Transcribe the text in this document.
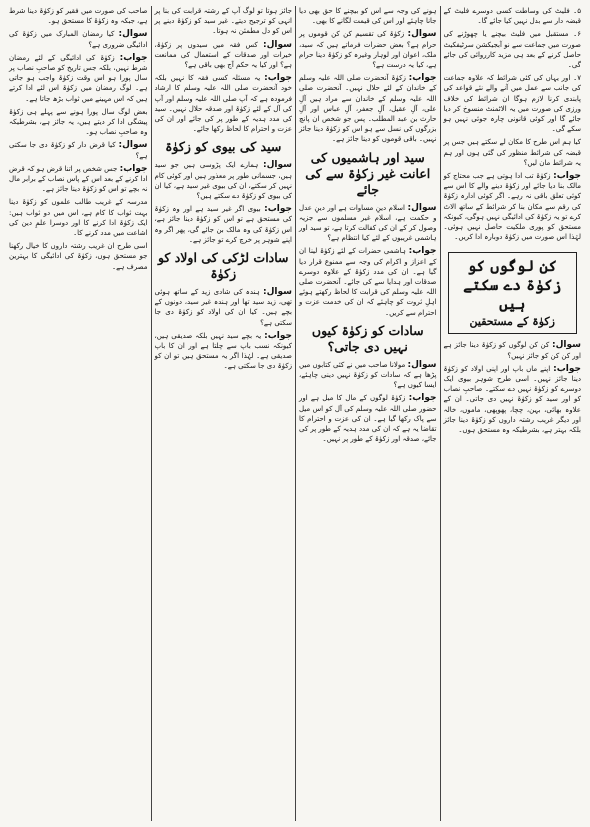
۵۔ فلیٹ کی وساطت کسی دوسرے فلیٹ کے قبضہ دار سے بدل نہیں کیا جائے گا۔

۶۔ مستقبل میں فلیٹ بیچنے یا چھوڑنے کی صورت میں جماعت سے نو آبجیکشن سرٹیفکیٹ حاصل کرنے کے بعد ہی مزید کارروائی کی جائے گی۔

۷۔ اور یہاں کی کئی شرائط کہ علاوہ جماعت کی جانب سے عمل میں آنے والے نئے قواعد کی پابندی کرنا لازم ہوگا ان شرائط کی خلاف ورزی کی صورت میں یہ الاٹمنٹ منسوخ کر دیا جائے گا اور کوئی قانونی چارہ جوئی نہیں ہو سکے گی۔

کیا ہم اس طرح کا مکان لے سکتے ہیں جس پر قبضہ کی شرائط منظور کی گئی ہوں اور ہم یہ شرائط مان لیں؟

جواب: زکوٰۃ تب ادا ہوتی ہے جب محتاج کو مالک بنا دیا جائے اور زکوٰۃ دینے والے کا اس سے کوئی تعلق باقی نہ رہے۔ اگر کوئی ادارہ زکوٰۃ کی رقم سے مکان بنا کر شرائط کے ساتھ الاٹ کرے تو یہ زکوٰۃ کی ادائیگی نہیں ہوگی، کیونکہ مستحق کو پوری ملکیت حاصل نہیں ہوئی۔ لہٰذا اس صورت میں زکوٰۃ دوبارہ ادا کریں۔

کن لوگوں کو زکوٰۃ دے سکتے ہیں
زکوٰۃ کے مستحقین

سوال: کن کن لوگوں کو زکوٰۃ دینا جائز ہے اور کن کن کو جائز نہیں؟

جواب: اپنے ماں باپ اور اپنی اولاد کو زکوٰۃ دینا جائز نہیں۔ اسی طرح شوہر بیوی ایک دوسرے کو زکوٰۃ نہیں دے سکتے۔ صاحبِ نصاب کو اور سید کو زکوٰۃ نہیں دی جاتی۔ ان کے علاوہ بھائی، بہن، چچا، پھوپھی، ماموں، خالہ اور دیگر غریب رشتہ داروں کو زکوٰۃ دینا جائز بلکہ بہتر ہے، بشرطیکہ وہ مستحق ہوں۔

ہونے کی وجہ سے اس کو بیچنے کا حق بھی دیا جانا چاہئے اور اس کی قیمت لگانے کا بھی۔

سوال: زکوٰۃ کی تقسیم کن کن قوموں پر حرام ہے؟ بعض حضرات فرماتے ہیں کہ سید، ملک، اعوان اور لوہار وغیرہ کو زکوٰۃ دینا حرام ہے، کیا یہ درست ہے؟

جواب: زکوٰۃ آنحضرت صلی اللہ علیہ وسلم کے خاندان کے لئے حلال نہیں۔ آنحضرت صلی اللہ علیہ وسلم کے خاندان سے مراد ہیں آلِ علی، آلِ عقیل، آلِ جعفر، آلِ عباس اور آلِ حارث بن عبد المطلب۔ پس جو شخص ان پانچ بزرگوں کی نسل سے ہو اس کو زکوٰۃ دینا جائز نہیں۔ باقی قوموں کو دینا جائز ہے۔

سید اور ہاشمیوں کی اعانت غیر زکوٰۃ سے کی جائے

سوال: اسلام دینِ مساوات ہے اور دینِ عدل و حکمت ہے، اسلام غیر مسلموں سے جزیہ وصول کر کے ان کی کفالت کرتا ہے، تو سید اور ہاشمی غریبوں کے لئے کیا انتظام ہے؟

جواب: ہاشمی حضرات کے لئے زکوٰۃ لینا ان کے اعزاز و اکرام کی وجہ سے ممنوع قرار دیا گیا ہے۔ ان کی مدد زکوٰۃ کے علاوہ دوسرے صدقات اور ہدایا سے کی جائے۔ آنحضرت صلی اللہ علیہ وسلم کی قرابت کا لحاظ رکھتے ہوئے اہلِ ثروت کو چاہئے کہ ان کی خدمت عزت و احترام سے کریں۔

سادات کو زکوٰۃ کیوں نہیں دی جاتی؟

سوال: مولانا صاحب میں نے کئی کتابوں میں پڑھا ہے کہ سادات کو زکوٰۃ نہیں دینی چاہئے، ایسا کیوں ہے؟

جواب: زکوٰۃ لوگوں کے مال کا میل ہے اور حضور صلی اللہ علیہ وسلم کی آل کو اس میل سے پاک رکھا گیا ہے۔ ان کی عزت و احترام کا تقاضا یہ ہے کہ ان کی مدد ہدیہ کے طور پر کی جائے، صدقہ اور زکوٰۃ کے طور پر نہیں۔

جائز ہوتا تو لوگ آپ کے رشتہ قرابت کی بنا پر انہی کو ترجیح دیتے۔ غیر سید کو زکوٰۃ دینے پر اس کو دل مطمئن نہ ہوتا۔

سوال: کس فقہ میں سیدوں پر زکوٰۃ، خیرات اور صدقات کے استعمال کی ممانعت ہے؟ اور کیا یہ حکم آج بھی باقی ہے؟

جواب: یہ مسئلہ کسی فقہ کا نہیں بلکہ خود آنحضرت صلی اللہ علیہ وسلم کا ارشاد فرمودہ ہے کہ آپ صلی اللہ علیہ وسلم اور آپ کی آل کے لئے زکوٰۃ اور صدقہ حلال نہیں۔ سید کی مدد ہدیہ کے طور پر کی جائے اور ان کی عزت و احترام کا لحاظ رکھا جائے۔

سید کی بیوی کو زکوٰۃ

سوال: ہمارے ایک پڑوسی ہیں جو سید ہیں، جسمانی طور پر معذور ہیں اور کوئی کام نہیں کر سکتے، ان کی بیوی غیر سید ہے، کیا ان کی بیوی کو زکوٰۃ دے سکتے ہیں؟

جواب: بیوی اگر غیر سید ہے اور وہ زکوٰۃ کی مستحق ہے تو اس کو زکوٰۃ دینا جائز ہے، اس زکوٰۃ کی وہ مالک بن جائے گی، پھر اگر وہ اپنے شوہر پر خرچ کرے تو جائز ہے۔

سادات لڑکی کی اولاد کو زکوٰۃ

سوال: ہندہ کی شادی زید کے ساتھ ہوئی تھی، زید سید تھا اور ہندہ غیر سید، دونوں کے بچے ہیں۔ کیا ان کی اولاد کو زکوٰۃ دی جا سکتی ہے؟

جواب: یہ بچے سید نہیں بلکہ صدیقی ہیں، کیونکہ نسب باپ سے چلتا ہے اور ان کا باپ صدیقی ہے۔ لہٰذا اگر یہ مستحق ہیں تو ان کو زکوٰۃ دی جا سکتی ہے۔

صاحب کی صورت میں فقیر کو زکوٰۃ دینا شرط ہے، جبکہ وہ زکوٰۃ کا مستحق ہو۔

سوال: کیا رمضان المبارک میں زکوٰۃ کی ادائیگی ضروری ہے؟

جواب: زکوٰۃ کی ادائیگی کے لئے رمضان شرط نہیں، بلکہ جس تاریخ کو صاحبِ نصاب پر سال پورا ہو اس وقت زکوٰۃ واجب ہو جاتی ہے۔ لوگ رمضان میں زکوٰۃ اس لئے ادا کرتے ہیں کہ اس مہینے میں ثواب بڑھ جاتا ہے۔

بعض لوگ سال پورا ہونے سے پہلے ہی زکوٰۃ پیشگی ادا کر دیتے ہیں، یہ جائز ہے، بشرطیکہ وہ صاحبِ نصاب ہو۔

سوال: کیا قرض دار کو زکوٰۃ دی جا سکتی ہے؟

جواب: جس شخص پر اتنا قرض ہو کہ قرض ادا کرنے کے بعد اس کے پاس نصاب کے برابر مال نہ بچے تو اس کو زکوٰۃ دینا جائز ہے۔

مدرسہ کے غریب طالب علموں کو زکوٰۃ دینا بہت ثواب کا کام ہے، اس میں دو ثواب ہیں: ایک زکوٰۃ ادا کرنے کا اور دوسرا علمِ دین کی اشاعت میں مدد کرنے کا۔

اسی طرح ان غریب رشتہ داروں کا خیال رکھنا جو مستحق ہوں، زکوٰۃ کی ادائیگی کا بہترین مصرف ہے۔
